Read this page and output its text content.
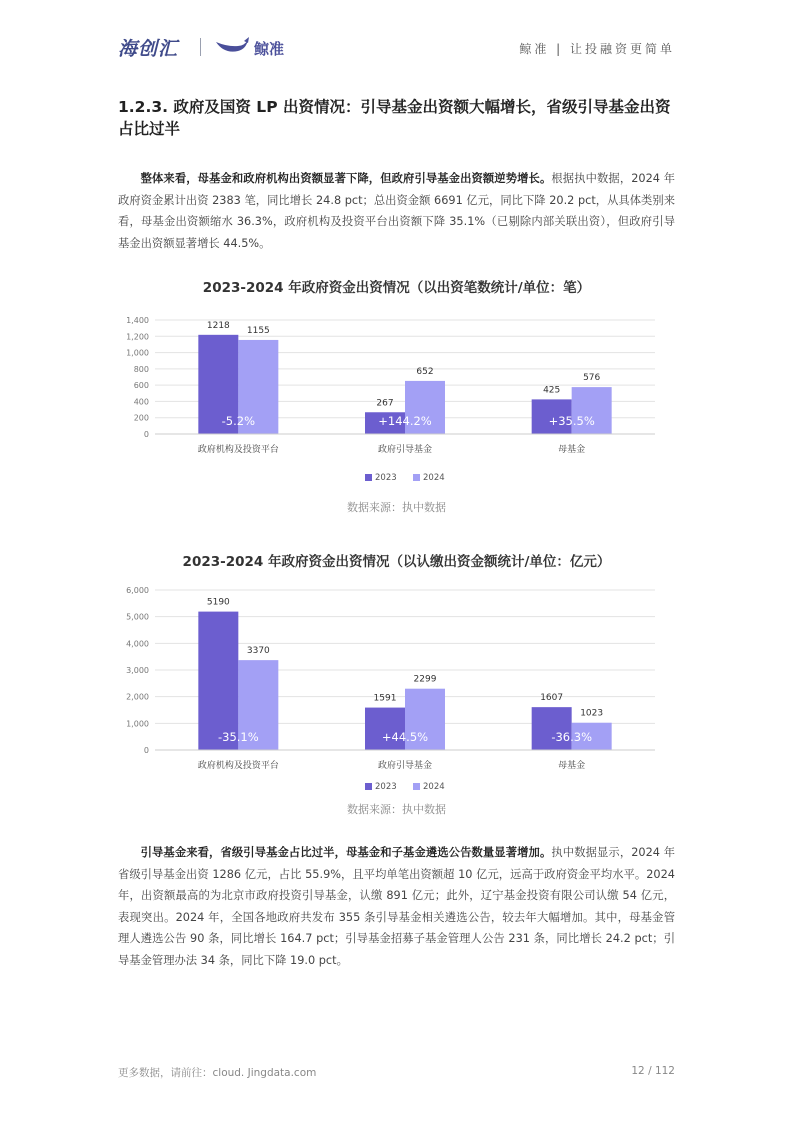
海创汇	鲸准	鲸准 | 让投融资更简单
1.2.3. 政府及国资 LP 出资情况：引导基金出资额大幅增长，省级引导基金出资占比过半
整体来看，母基金和政府机构出资额显著下降，但政府引导基金出资额逆势增长。根据执中数据，2024 年政府资金累计出资 2383 笔，同比增长 24.8 pct；总出资金额 6691 亿元，同比下降 20.2 pct，从具体类别来看，母基金出资额缩水 36.3%，政府机构及投资平台出资额下降 35.1%（已剔除内部关联出资），但政府引导基金出资额显著增长 44.5%。
2023-2024 年政府资金出资情况（以出资笔数统计/单位：笔）
0
200
400
600
800
1,000
1,200
1,400
1218
1155
-5.2%
政府机构及投资平台
267
652
+144.2%
政府引导基金
425
576
+35.5%
母基金
2023	2024
数据来源：执中数据
2023-2024 年政府资金出资情况（以认缴出资金额统计/单位：亿元）
0
1,000
2,000
3,000
4,000
5,000
6,000
5190
3370
-35.1%
政府机构及投资平台
1591
2299
+44.5%
政府引导基金
1607
1023
-36.3%
母基金
2023	2024
数据来源：执中数据
引导基金来看，省级引导基金占比过半，母基金和子基金遴选公告数量显著增加。执中数据显示，2024 年省级引导基金出资 1286 亿元，占比 55.9%，且平均单笔出资额超 10 亿元，远高于政府资金平均水平。2024 年，出资额最高的为北京市政府投资引导基金，认缴 891 亿元；此外，辽宁基金投资有限公司认缴 54 亿元，表现突出。2024 年，全国各地政府共发布 355 条引导基金相关遴选公告，较去年大幅增加。其中，母基金管理人遴选公告 90 条，同比增长 164.7 pct；引导基金招募子基金管理人公告 231 条，同比增长 24.2 pct；引导基金管理办法 34 条，同比下降 19.0 pct。
更多数据，请前往：cloud. Jingdata.com	12 / 112
